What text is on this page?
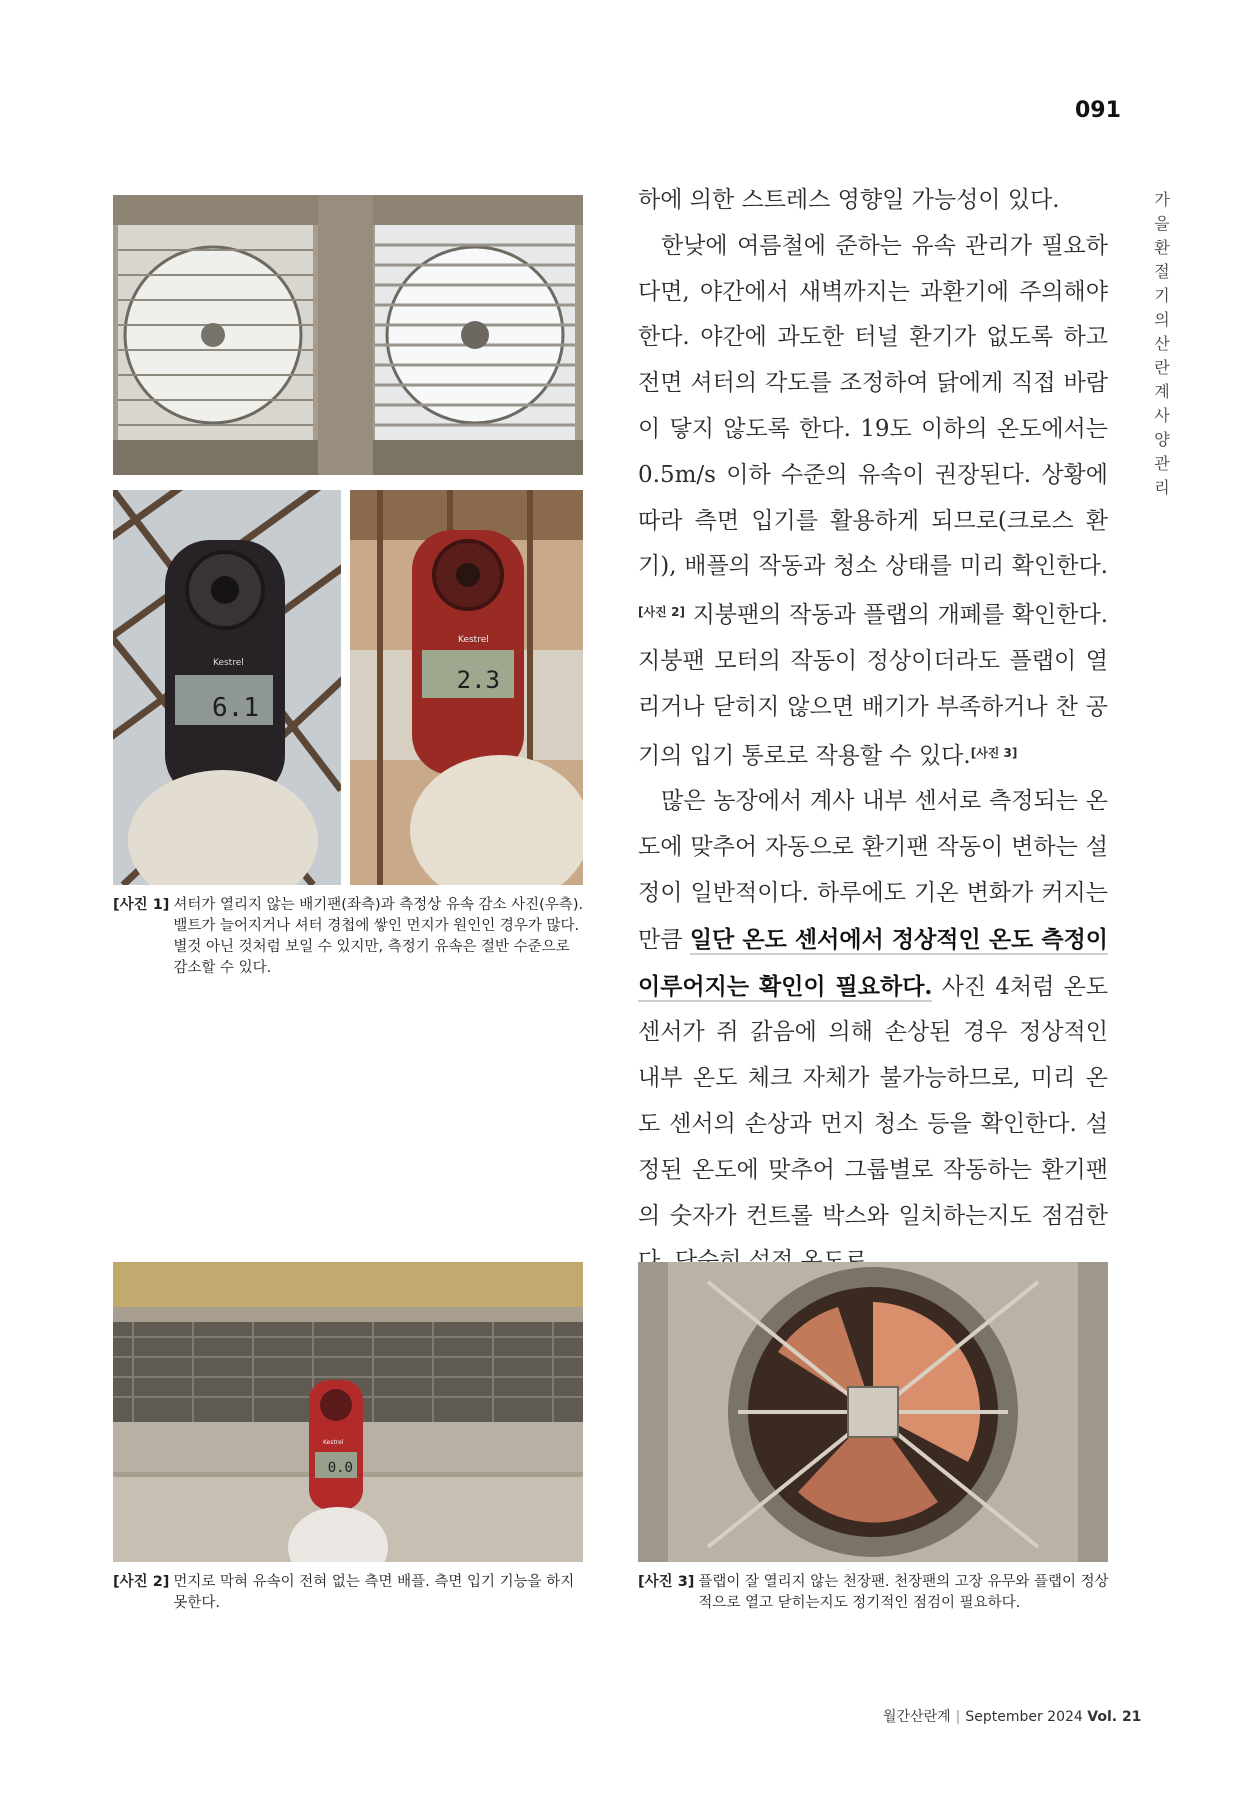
091
가을 환절기의 산란계 사양관리
6.1
Kestrel
2.3
Kestrel
[사진 1] 셔터가 열리지 않는 배기팬(좌측)과 측정상 유속 감소 사진(우측). 밸트가 늘어지거나 셔터 경첩에 쌓인 먼지가 원인인 경우가 많다. 별것 아닌 것처럼 보일 수 있지만, 측정기 유속은 절반 수준으로 감소할 수 있다.

하에 의한 스트레스 영향일 가능성이 있다.

한낮에 여름철에 준하는 유속 관리가 필요하다면, 야간에서 새벽까지는 과환기에 주의해야 한다. 야간에 과도한 터널 환기가 없도록 하고 전면 셔터의 각도를 조정하여 닭에게 직접 바람이 닿지 않도록 한다. 19도 이하의 온도에서는 0.5m/s 이하 수준의 유속이 권장된다. 상황에 따라 측면 입기를 활용하게 되므로(크로스 환기), 배플의 작동과 청소 상태를 미리 확인한다.[사진 2] 지붕팬의 작동과 플랩의 개폐를 확인한다. 지붕팬 모터의 작동이 정상이더라도 플랩이 열리거나 닫히지 않으면 배기가 부족하거나 찬 공기의 입기 통로로 작용할 수 있다.[사진 3]

많은 농장에서 계사 내부 센서로 측정되는 온도에 맞추어 자동으로 환기팬 작동이 변하는 설정이 일반적이다. 하루에도 기온 변화가 커지는 만큼 일단 온도 센서에서 정상적인 온도 측정이 이루어지는 확인이 필요하다. 사진 4처럼 온도 센서가 쥐 갉음에 의해 손상된 경우 정상적인 내부 온도 체크 자체가 불가능하므로, 미리 온도 센서의 손상과 먼지 청소 등을 확인한다. 설정된 온도에 맞추어 그룹별로 작동하는 환기팬의 숫자가 컨트롤 박스와 일치하는지도 점검한

0.0
Kestrel
[사진 2] 먼지로 막혀 유속이 전혀 없는 측면 배플. 측면 입기 기능을 하지 못한다.
[사진 3] 플랩이 잘 열리지 않는 천장팬. 천장팬의 고장 유무와 플랩이 정상적으로 열고 닫히는지도 정기적인 점검이 필요하다.
월간산란계 | September 2024 Vol. 21
